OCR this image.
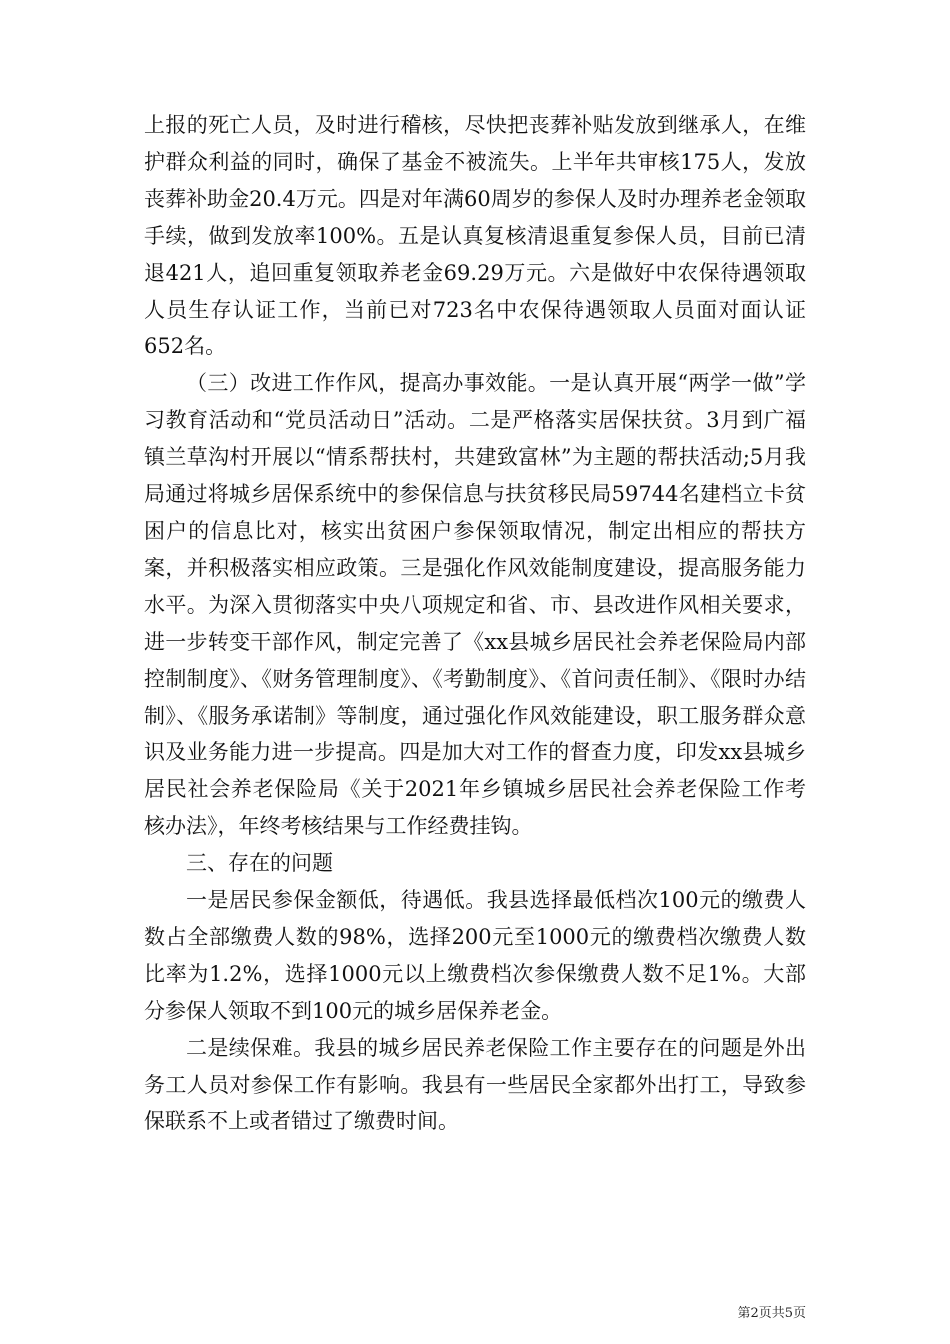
上报的死亡人员，及时进行稽核，尽快把丧葬补贴发放到继承人，在维护群众利益的同时，确保了基金不被流失。上半年共审核175人，发放丧葬补助金20.4万元。四是对年满60周岁的参保人及时办理养老金领取手续，做到发放率100%。五是认真复核清退重复参保人员，目前已清退421人，追回重复领取养老金69.29万元。六是做好中农保待遇领取人员生存认证工作，当前已对723名中农保待遇领取人员面对面认证652名。

（三）改进工作作风，提高办事效能。一是认真开展“两学一做”学习教育活动和“党员活动日”活动。二是严格落实居保扶贫。3月到广福镇兰草沟村开展以“情系帮扶村，共建致富林”为主题的帮扶活动;5月我局通过将城乡居保系统中的参保信息与扶贫移民局59744名建档立卡贫困户的信息比对，核实出贫困户参保领取情况，制定出相应的帮扶方案，并积极落实相应政策。三是强化作风效能制度建设，提高服务能力水平。为深入贯彻落实中央八项规定和省、市、县改进作风相关要求，进一步转变干部作风，制定完善了《xx县城乡居民社会养老保险局内部控制制度》、《财务管理制度》、《考勤制度》、《首问责任制》、《限时办结制》、《服务承诺制》等制度，通过强化作风效能建设，职工服务群众意识及业务能力进一步提高。四是加大对工作的督查力度，印发xx县城乡居民社会养老保险局《关于2021年乡镇城乡居民社会养老保险工作考核办法》，年终考核结果与工作经费挂钩。

三、存在的问题

一是居民参保金额低，待遇低。我县选择最低档次100元的缴费人数占全部缴费人数的98%，选择200元至1000元的缴费档次缴费人数比率为1.2%，选择1000元以上缴费档次参保缴费人数不足1%。大部分参保人领取不到100元的城乡居保养老金。

二是续保难。我县的城乡居民养老保险工作主要存在的问题是外出务工人员对参保工作有影响。我县有一些居民全家都外出打工，导致参保联系不上或者错过了缴费时间。

第2页共5页
